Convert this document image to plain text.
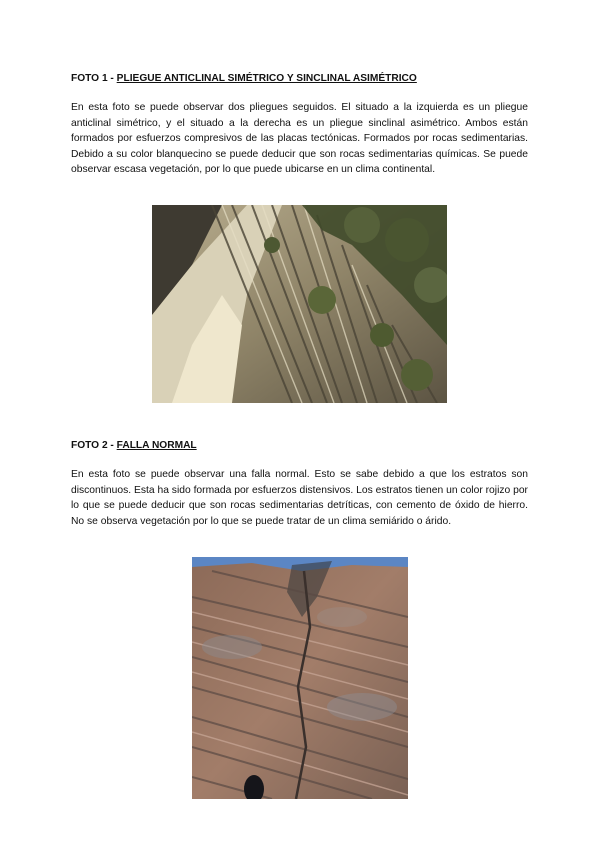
FOTO 1 - PLIEGUE ANTICLINAL SIMÉTRICO Y SINCLINAL ASIMÉTRICO

En esta foto se puede observar dos pliegues seguidos. El situado a la izquierda es un pliegue anticlinal simétrico, y el situado a la derecha es un pliegue sinclinal asimétrico. Ambos están formados por esfuerzos compresivos de las placas tectónicas. Formados por rocas sedimentarias. Debido a su color blanquecino se puede deducir que son rocas sedimentarias químicas. Se puede observar escasa vegetación, por lo que puede ubicarse en un clima continental.

FOTO 2 - FALLA NORMAL

En esta foto se puede observar una falla normal. Esto se sabe debido a que los estratos son discontinuos. Esta ha sido formada por esfuerzos distensivos. Los estratos tienen un color rojizo por lo que se puede deducir que son rocas sedimentarias detríticas, con cemento de óxido de hierro. No se observa vegetación por lo que se puede tratar de un clima semiárido o árido.
